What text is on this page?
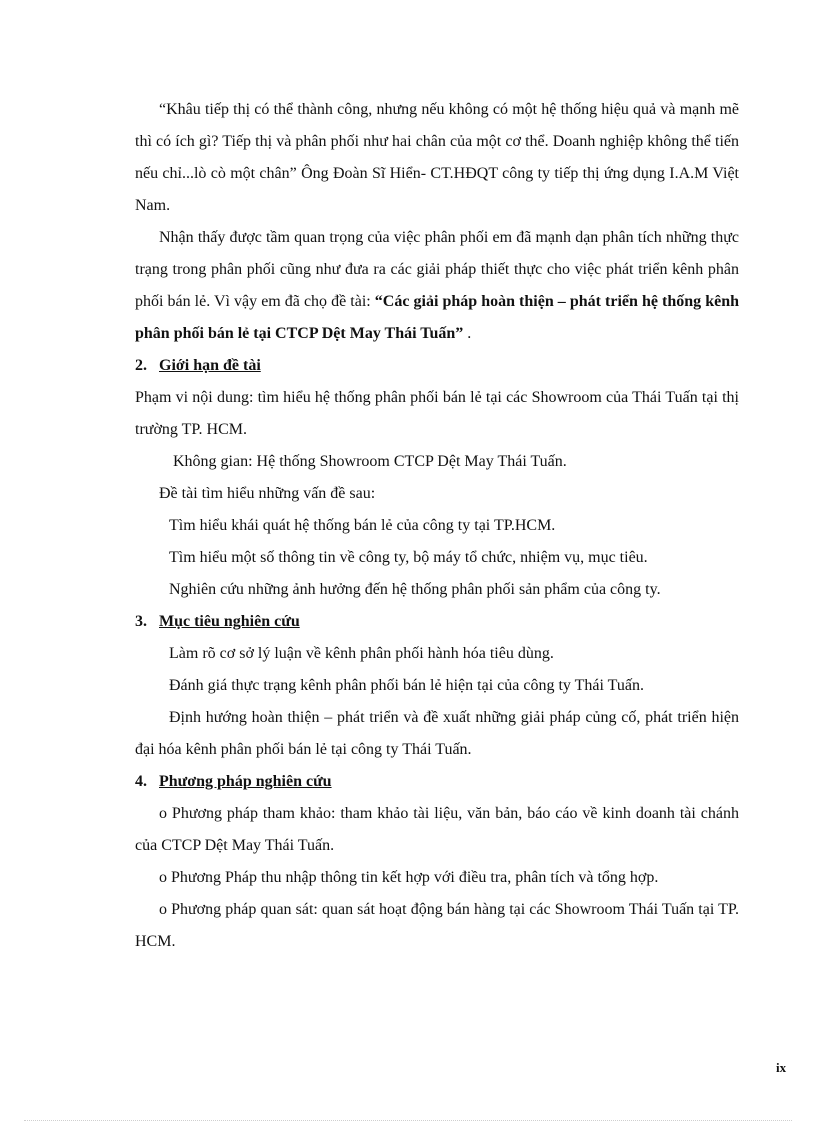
“Khâu tiếp thị có thể thành công, nhưng nếu không có một hệ thống hiệu quả và mạnh mẽ thì có ích gì? Tiếp thị và phân phối như hai chân của một cơ thể. Doanh nghiệp không thể tiến nếu chỉ...lò cò một chân” Ông Đoàn Sĩ Hiển- CT.HĐQT công ty tiếp thị ứng dụng I.A.M Việt Nam.

Nhận thấy được tầm quan trọng của việc phân phối em đã mạnh dạn phân tích những thực trạng trong phân phối cũng như đưa ra các giải pháp thiết thực cho việc phát triển kênh phân phối bán lẻ. Vì vậy em đã chọ đề tài: “Các giải pháp hoàn thiện – phát triển hệ thống kênh phân phối bán lẻ tại CTCP Dệt May Thái Tuấn” .

2. Giới hạn đề tài

Phạm vi nội dung: tìm hiểu hệ thống phân phối bán lẻ tại các Showroom của Thái Tuấn tại thị trường TP. HCM.

Không gian: Hệ thống Showroom CTCP Dệt May Thái Tuấn.

Đề tài tìm hiểu những vấn đề sau:

Tìm hiểu khái quát hệ thống bán lẻ của công ty tại TP.HCM.

Tìm hiểu một số thông tin về công ty, bộ máy tổ chức, nhiệm vụ, mục tiêu.

Nghiên cứu những ảnh hưởng đến hệ thống phân phối sản phẩm của công ty.

3. Mục tiêu nghiên cứu

Làm rõ cơ sở lý luận về kênh phân phối hành hóa tiêu dùng.

Đánh giá thực trạng kênh phân phối bán lẻ hiện tại của công ty Thái Tuấn.

Định hướng hoàn thiện – phát triển và đề xuất những giải pháp củng cố, phát triển hiện đại hóa kênh phân phối bán lẻ tại công ty Thái Tuấn.

4. Phương pháp nghiên cứu

o Phương pháp tham khảo: tham khảo tài liệu, văn bản, báo cáo về kinh doanh tài chánh của CTCP Dệt May Thái Tuấn.

o Phương Pháp thu nhập thông tin kết hợp với điều tra, phân tích và tổng hợp.

o Phương pháp quan sát: quan sát hoạt động bán hàng tại các Showroom Thái Tuấn tại TP. HCM.

ix
